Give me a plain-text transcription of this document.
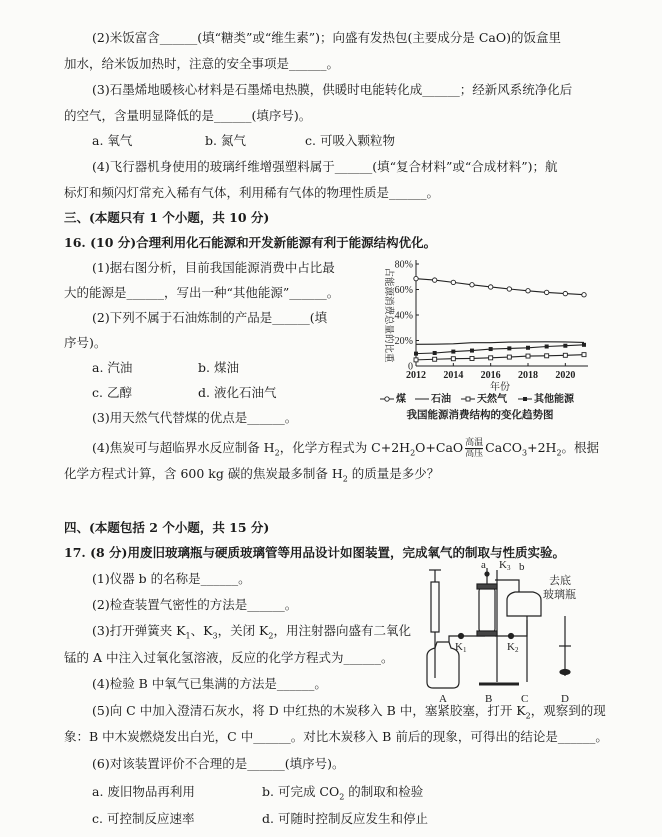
(2)米饭富含______(填“糖类”或“维生素”)；向盛有发热包(主要成分是 CaO)的饭盒里
加水，给米饭加热时，注意的安全事项是______。
(3)石墨烯地暖核心材料是石墨烯电热膜，供暖时电能转化成______；经新风系统净化后
的空气，含量明显降低的是______(填序号)。
a. 氧气	b. 氮气	c. 可吸入颗粒物
(4)飞行器机身使用的玻璃纤维增强塑料属于______(填“复合材料”或“合成材料”)；航
标灯和频闪灯常充入稀有气体，利用稀有气体的物理性质是______。
三、(本题只有 1 个小题，共 10 分)
16. (10 分)合理利用化石能源和开发新能源有利于能源结构优化。
(1)据右图分析，目前我国能源消费中占比最
大的能源是______，写出一种“其他能源”______。
(2)下列不属于石油炼制的产品是______(填
序号)。
a. 汽油	b. 煤油
c. 乙醇	d. 液化石油气
(3)用天然气代替煤的优点是______。
(4)焦炭可与超临界水反应制备 $H_2$，化学方程式为 $C+2H_2O+CaO \frac{\text{高温}}{\text{高压}}$ $CaCO_3+2H_2$。根据
化学方程式计算，含 600 kg 碳的焦炭最多制备 $H_2$ 的质量是多少？
四、(本题包括 2 个小题，共 15 分)
17. (8 分)用废旧玻璃瓶与硬质玻璃管等用品设计如图装置，完成氧气的制取与性质实验。
(1)仪器 b 的名称是______。
(2)检查装置气密性的方法是______。
(3)打开弹簧夹 $K_1$、$K_3$，关闭 $K_2$，用注射器向盛有二氧化
锰的 A 中注入过氧化氢溶液，反应的化学方程式为______。
(4)检验 B 中氧气已集满的方法是______。
(5)向 C 中加入澄清石灰水，将 D 中红热的木炭移入 B 中，塞紧胶塞，打开 $K_2$，观察到的现
象：B 中木炭燃烧发出白光，C 中______。对比木炭移入 B 前后的现象，可得出的结论是______。
(6)对该装置评价不合理的是______(填序号)。
a. 废旧物品再利用	b. 可完成 $CO_2$ 的制取和检验
c. 可控制反应速率	d. 可随时控制反应发生和停止
0
20%
40%
60%
80%
2012 2014 2016 2018 2020
占能源消费总量的比重
年份
煤	石油	天然气	其他能源
我国能源消费结构的变化趋势图
a K3 b
去底
玻璃瓶
K1	K2
A	B	C	D
